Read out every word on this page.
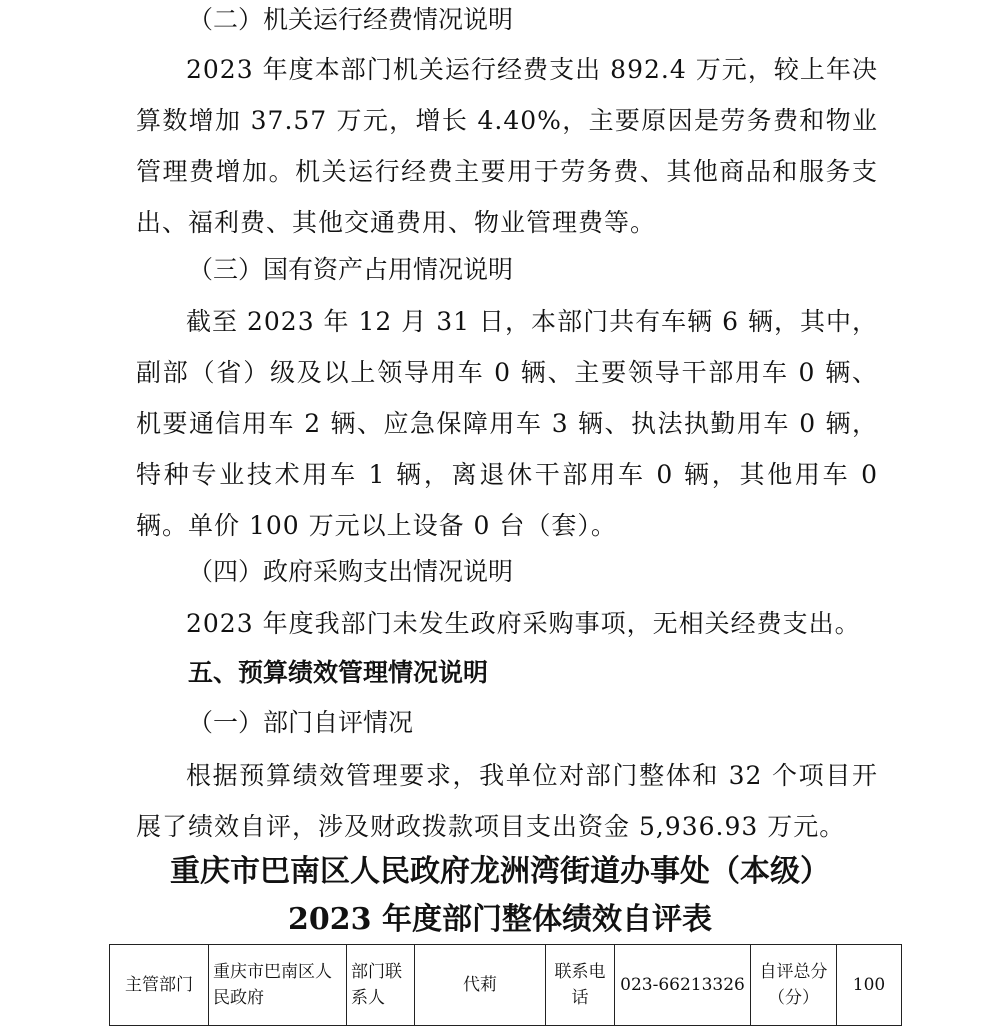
（二）机关运行经费情况说明

2023 年度本部门机关运行经费支出 892.4 万元，较上年决算数增加 37.57 万元，增长 4.40%，主要原因是劳务费和物业管理费增加。机关运行经费主要用于劳务费、其他商品和服务支出、福利费、其他交通费用、物业管理费等。

（三）国有资产占用情况说明

截至 2023 年 12 月 31 日，本部门共有车辆 6 辆，其中，副部（省）级及以上领导用车 0 辆、主要领导干部用车 0 辆、机要通信用车 2 辆、应急保障用车 3 辆、执法执勤用车 0 辆，特种专业技术用车 1 辆，离退休干部用车 0 辆，其他用车 0 辆。单价 100 万元以上设备 0 台（套）。

（四）政府采购支出情况说明

2023 年度我部门未发生政府采购事项，无相关经费支出。

五、预算绩效管理情况说明

（一）部门自评情况

根据预算绩效管理要求，我单位对部门整体和 32 个项目开展了绩效自评，涉及财政拨款项目支出资金 5,936.93 万元。

重庆市巴南区人民政府龙洲湾街道办事处（本级）

2023 年度部门整体绩效自评表

主管部门	重庆市巴南区人民政府	部门联系人	代莉	联系电话	023-66213326	自评总分（分）	100
